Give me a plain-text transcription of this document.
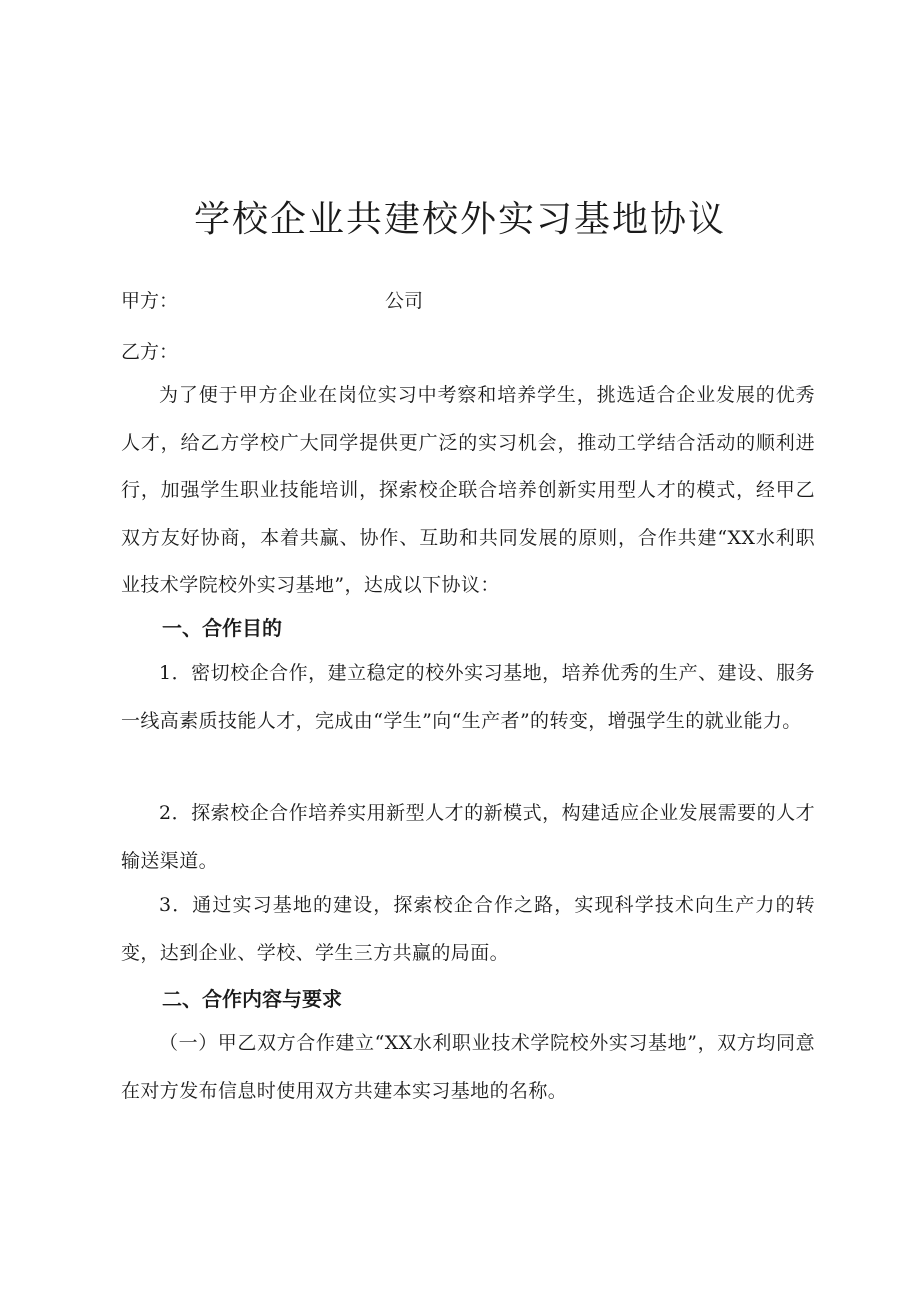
学校企业共建校外实习基地协议
甲方：	公司
乙方：

为了便于甲方企业在岗位实习中考察和培养学生，挑选适合企业发展的优秀人才，给乙方学校广大同学提供更广泛的实习机会，推动工学结合活动的顺利进行，加强学生职业技能培训，探索校企联合培养创新实用型人才的模式，经甲乙双方友好协商，本着共赢、协作、互助和共同发展的原则，合作共建“XX水利职业技术学院校外实习基地”，达成以下协议：

一、合作目的

1．密切校企合作，建立稳定的校外实习基地，培养优秀的生产、建设、服务一线高素质技能人才，完成由“学生”向“生产者”的转变，增强学生的就业能力。

2．探索校企合作培养实用新型人才的新模式，构建适应企业发展需要的人才输送渠道。

3．通过实习基地的建设，探索校企合作之路，实现科学技术向生产力的转变，达到企业、学校、学生三方共赢的局面。

二、合作内容与要求

（一）甲乙双方合作建立“XX水利职业技术学院校外实习基地”，双方均同意在对方发布信息时使用双方共建本实习基地的名称。
